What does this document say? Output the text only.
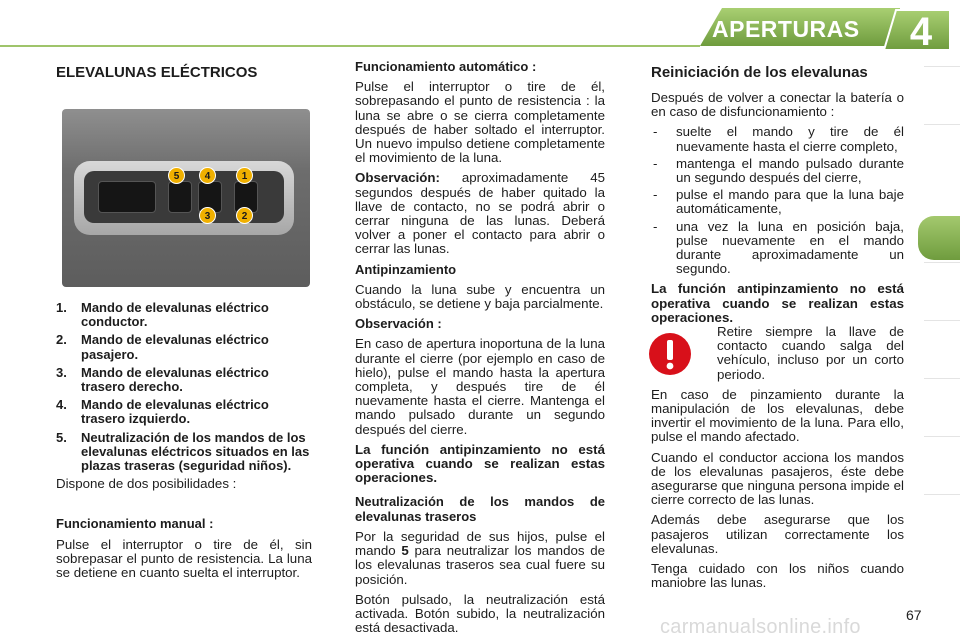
APERTURAS	4
ELEVALUNAS ELÉCTRICOS
5	4	1
3	2
1. Mando de elevalunas eléctrico conductor.
2. Mando de elevalunas eléctrico pasajero.
3. Mando de elevalunas eléctrico trasero derecho.
4. Mando de elevalunas eléctrico trasero izquierdo.
5. Neutralización de los mandos de los elevalunas eléctricos situados en las plazas traseras (seguridad niños).

Dispone de dos posibilidades :

Funcionamiento manual :

Pulse el interruptor o tire de él, sin sobrepasar el punto de resistencia. La luna se detiene en cuanto suelta el interruptor.

Funcionamiento automático :

Pulse el interruptor o tire de él, sobrepasando el punto de resistencia : la luna se abre o se cierra completamente después de haber soltado el interruptor. Un nuevo impulso detiene completamente el movimiento de la luna.

Observación: aproximadamente 45 segundos después de haber quitado la llave de contacto, no se podrá abrir o cerrar ninguna de las lunas. Deberá volver a poner el contacto para abrir o cerrar las lunas.

Antipinzamiento

Cuando la luna sube y encuentra un obstáculo, se detiene y baja parcialmente.

Observación :

En caso de apertura inoportuna de la luna durante el cierre (por ejemplo en caso de hielo), pulse el mando hasta la apertura completa, y después tire de él nuevamente hasta el cierre. Mantenga el mando pulsado durante un segundo después del cierre.

La función antipinzamiento no está operativa cuando se realizan estas operaciones.

Neutralización de los mandos de elevalunas traseros

Por la seguridad de sus hijos, pulse el mando 5 para neutralizar los mandos de los elevalunas traseros sea cual fuere su posición.

Botón pulsado, la neutralización está activada. Botón subido, la neutralización está desactivada.

Reiniciación de los elevalunas

Después de volver a conectar la batería o en caso de disfuncionamiento :

- suelte el mando y tire de él nuevamente hasta el cierre completo,
- mantenga el mando pulsado durante un segundo después del cierre,
- pulse el mando para que la luna baje automáticamente,
- una vez la luna en posición baja, pulse nuevamente en el mando durante aproximadamente un segundo.

La función antipinzamiento no está operativa cuando se realizan estas operaciones.

Retire siempre la llave de contacto cuando salga del vehículo, incluso por un corto periodo.

En caso de pinzamiento durante la manipulación de los elevalunas, debe invertir el movimiento de la luna. Para ello, pulse el mando afectado.

Cuando el conductor acciona los mandos de los elevalunas pasajeros, éste debe asegurarse que ninguna persona impide el cierre correcto de las lunas.

Además debe asegurarse que los pasajeros utilizan correctamente los elevalunas.

Tenga cuidado con los niños cuando maniobre las lunas.

67
carmanualsonline.info
